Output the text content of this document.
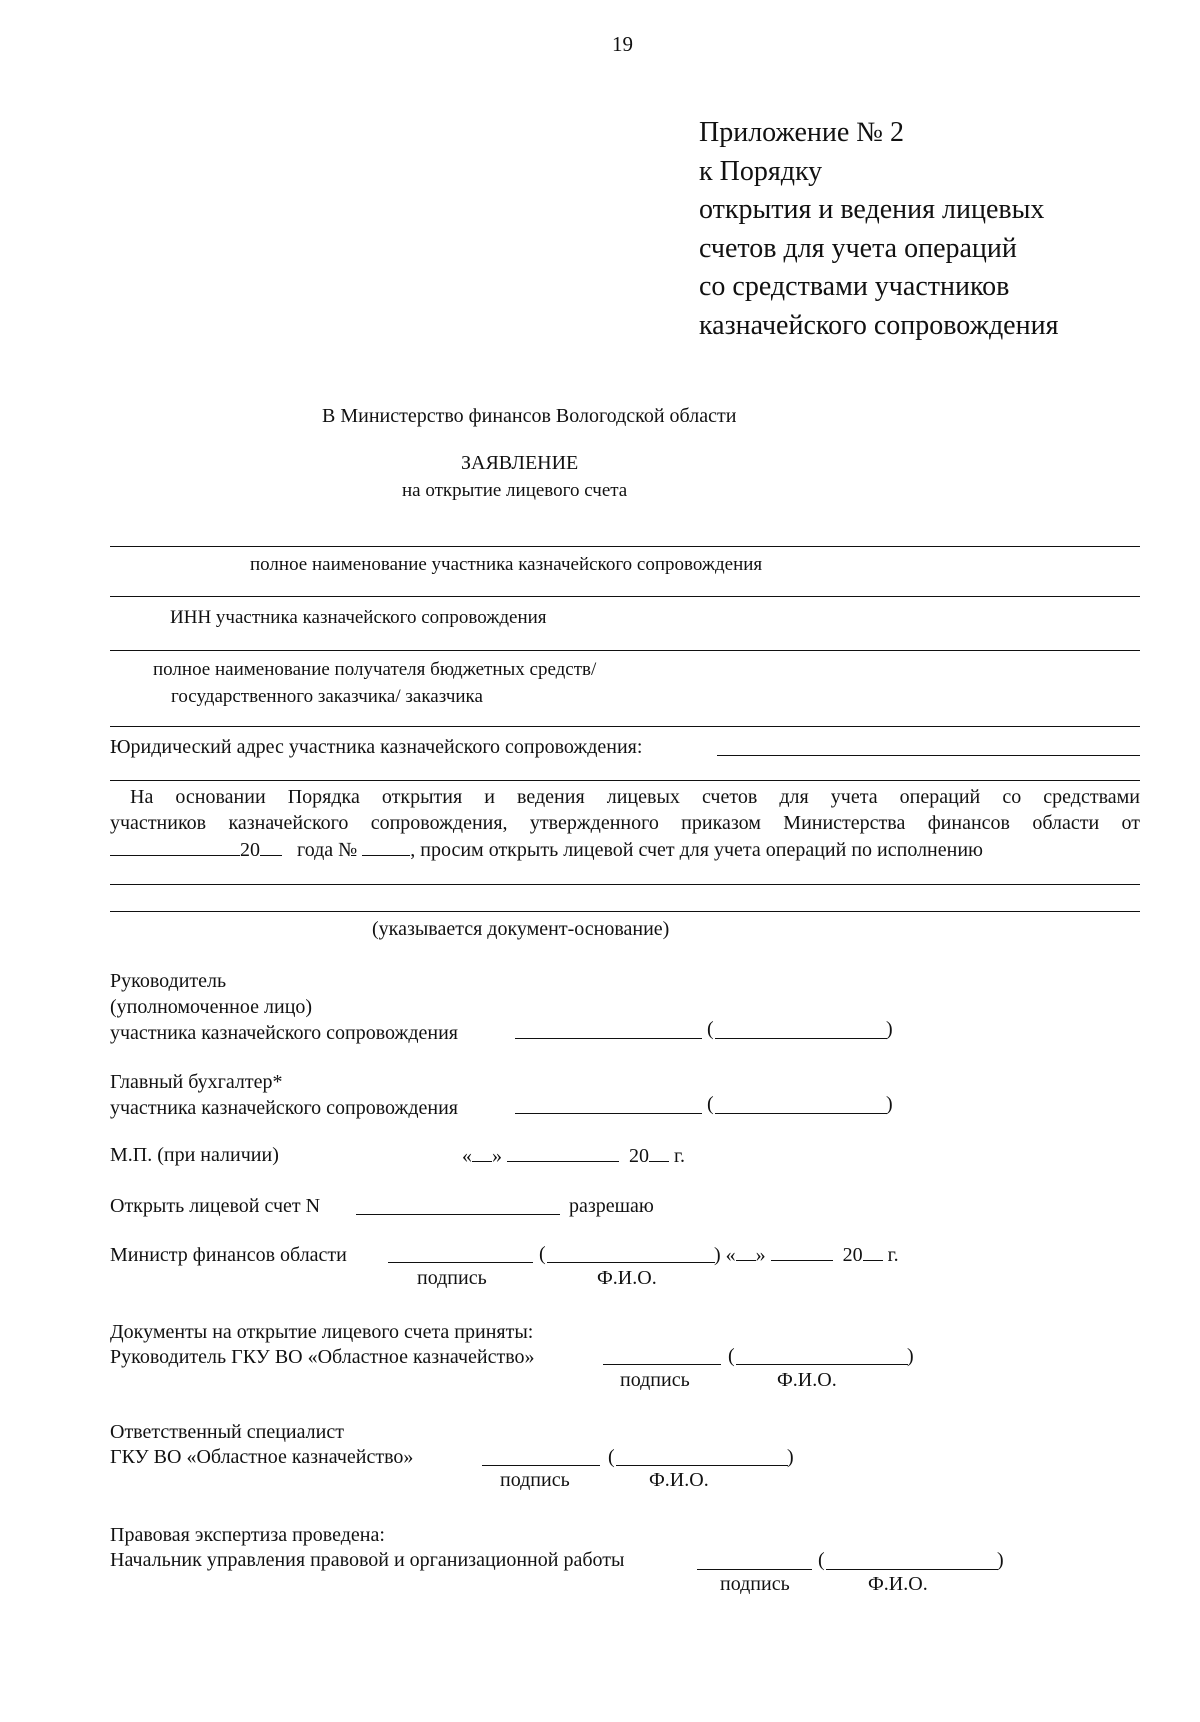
19
Приложение № 2
к Порядку
открытия и ведения лицевых
счетов для учета операций
со средствами участников
казначейского сопровождения
В Министерство финансов Вологодской области
ЗАЯВЛЕНИЕ
на открытие лицевого счета
полное наименование участника казначейского сопровождения
ИНН участника казначейского сопровождения
полное наименование получателя бюджетных средств/
государственного заказчика/ заказчика
Юридический адрес участника казначейского сопровождения:
На основании Порядка открытия и ведения лицевых счетов для учета операций со средствами
участников казначейского сопровождения, утвержденного приказом Министерства финансов области от
20 года №	, просим открыть лицевой счет для учета операций по исполнению
(указывается документ-основание)
Руководитель
(уполномоченное лицо)
участника казначейского сопровождения	(	)
Главный бухгалтер*
участника казначейского сопровождения	(	)
М.П. (при наличии)	« »	20 г.
Открыть лицевой счет N	разрешаю
Министр финансов области	(	) « »	20 г.
подпись	Ф.И.О.
Документы на открытие лицевого счета приняты:
Руководитель ГКУ ВО «Областное казначейство»	(	)
подпись	Ф.И.О.
Ответственный специалист
ГКУ ВО «Областное казначейство»	(	)
подпись	Ф.И.О.
Правовая экспертиза проведена:
Начальник управления правовой и организационной работы	(	)
подпись	Ф.И.О.
